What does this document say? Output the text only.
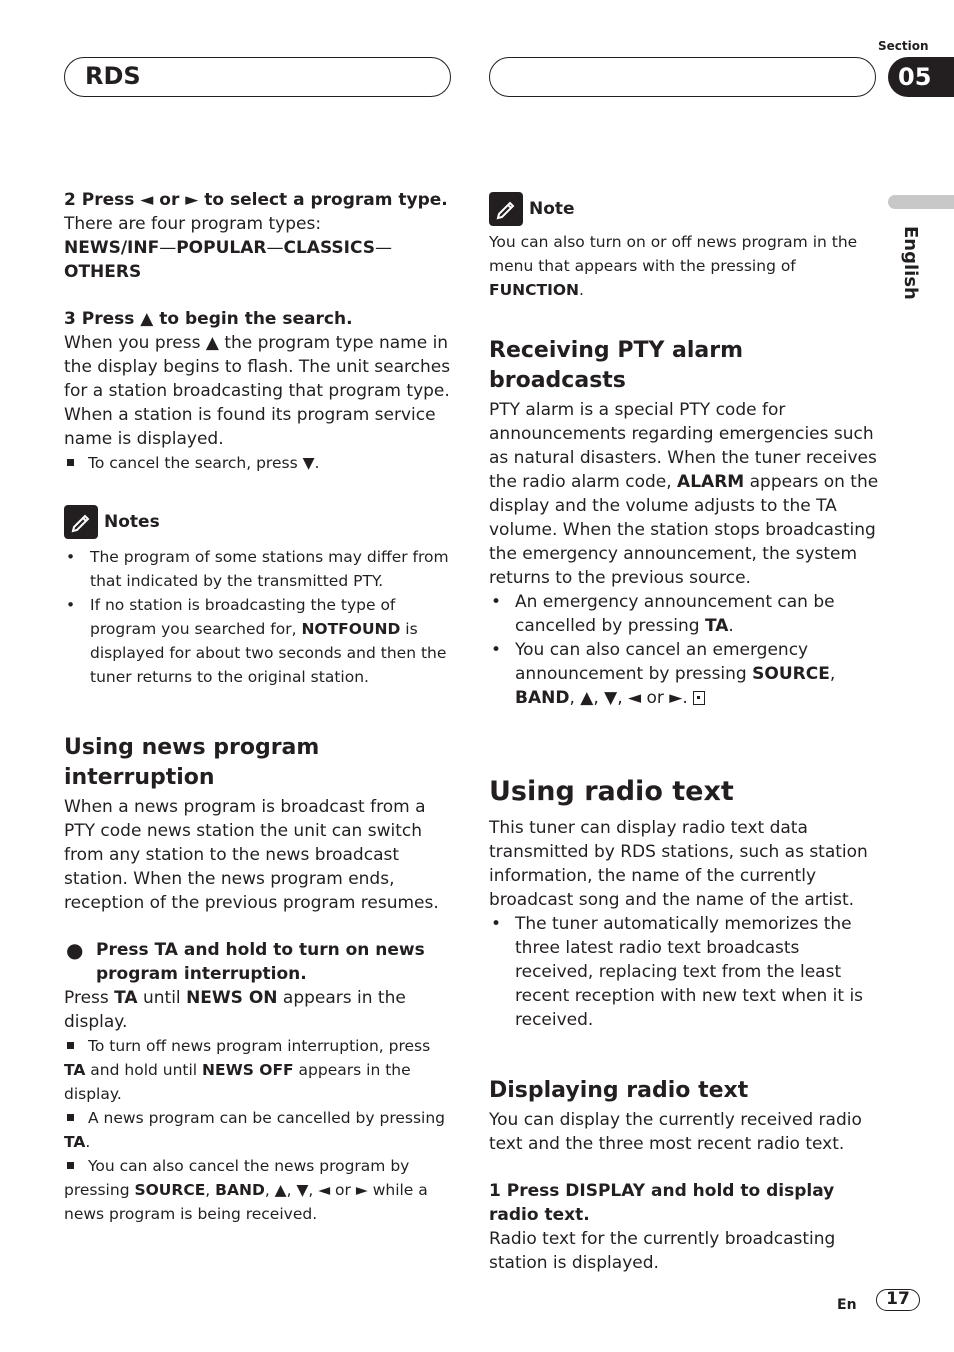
RDS
Section
05
English

2 Press ◄ or ► to select a program type.

There are four program types:

NEWS/INF—POPULAR—CLASSICS—
OTHERS

3 Press ▲ to begin the search.

When you press ▲ the program type name in the display begins to flash. The unit searches for a station broadcasting that program type. When a station is found its program service name is displayed.

To cancel the search, press ▼.

Notes

• The program of some stations may differ from that indicated by the transmitted PTY.

• If no station is broadcasting the type of program you searched for, NOTFOUND is displayed for about two seconds and then the tuner returns to the original station.

Using news program interruption

When a news program is broadcast from a PTY code news station the unit can switch from any station to the news broadcast station. When the news program ends, reception of the previous program resumes.

● Press TA and hold to turn on news program interruption.

Press TA until NEWS ON appears in the display.

To turn off news program interruption, press TA and hold until NEWS OFF appears in the display.

A news program can be cancelled by pressing TA.

You can also cancel the news program by pressing SOURCE, BAND, ▲, ▼, ◄ or ► while a news program is being received.

Note

You can also turn on or off news program in the menu that appears with the pressing of FUNCTION.

Receiving PTY alarm broadcasts

PTY alarm is a special PTY code for announcements regarding emergencies such as natural disasters. When the tuner receives the radio alarm code, ALARM appears on the display and the volume adjusts to the TA volume. When the station stops broadcasting the emergency announcement, the system returns to the previous source.

• An emergency announcement can be cancelled by pressing TA.

• You can also cancel an emergency announcement by pressing SOURCE, BAND, ▲, ▼, ◄ or ►.

Using radio text

This tuner can display radio text data transmitted by RDS stations, such as station information, the name of the currently broadcast song and the name of the artist.

• The tuner automatically memorizes the three latest radio text broadcasts received, replacing text from the least recent reception with new text when it is received.

Displaying radio text

You can display the currently received radio text and the three most recent radio text.

1 Press DISPLAY and hold to display radio text.

Radio text for the currently broadcasting station is displayed.

En	17
